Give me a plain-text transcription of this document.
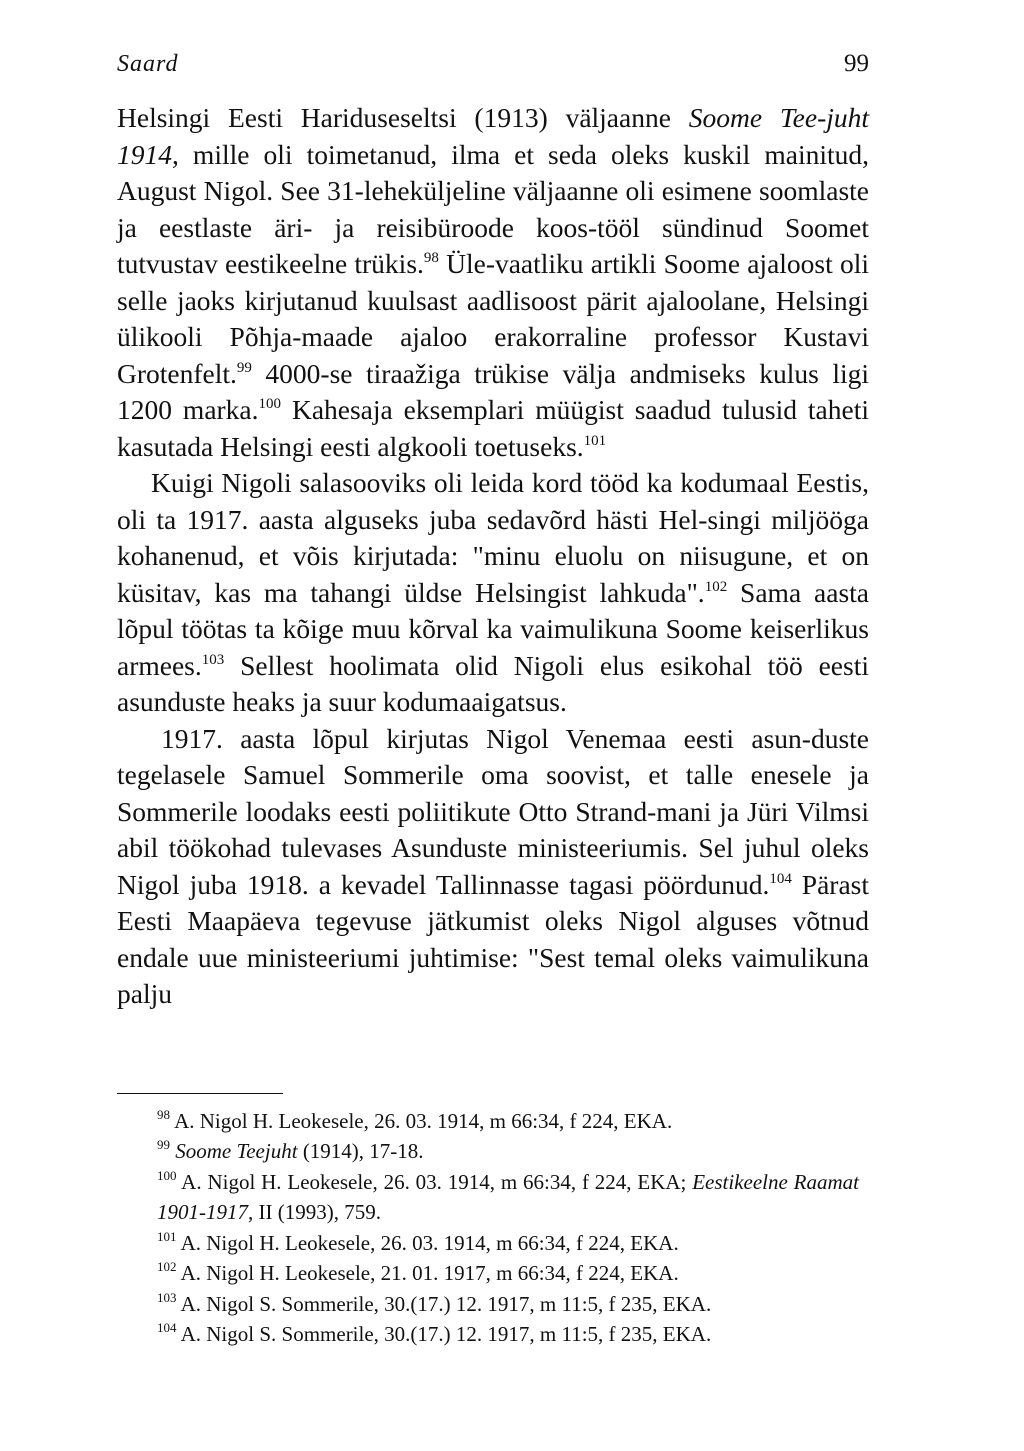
Saard	99

Helsingi Eesti Hariduseseltsi (1913) väljaanne Soome Tee-juht 1914, mille oli toimetanud, ilma et seda oleks kuskil mainitud, August Nigol. See 31-leheküljeline väljaanne oli esimene soomlaste ja eestlaste äri- ja reisibüroode koos-tööl sündinud Soomet tutvustav eestikeelne trükis.$^{98}$ Üle-vaatliku artikli Soome ajaloost oli selle jaoks kirjutanud kuulsast aadlisoost pärit ajaloolane, Helsingi ülikooli Põhja-maade ajaloo erakorraline professor Kustavi Grotenfelt.$^{99}$ 4000-se tiraažiga trükise välja andmiseks kulus ligi 1200 marka.$^{100}$ Kahesaja eksemplari müügist saadud tulusid taheti kasutada Helsingi eesti algkooli toetuseks.$^{101}$

Kuigi Nigoli salasooviks oli leida kord tööd ka kodumaal Eestis, oli ta 1917. aasta alguseks juba sedavõrd hästi Hel-singi miljööga kohanenud, et võis kirjutada: "minu eluolu on niisugune, et on küsitav, kas ma tahangi üldse Helsingist lahkuda".$^{102}$ Sama aasta lõpul töötas ta kõige muu kõrval ka vaimulikuna Soome keiserlikus armees.$^{103}$ Sellest hoolimata olid Nigoli elus esikohal töö eesti asunduste heaks ja suur kodumaaigatsus.

1917. aasta lõpul kirjutas Nigol Venemaa eesti asun-duste tegelasele Samuel Sommerile oma soovist, et talle enesele ja Sommerile loodaks eesti poliitikute Otto Strand-mani ja Jüri Vilmsi abil töökohad tulevases Asunduste ministeeriumis. Sel juhul oleks Nigol juba 1918. a kevadel Tallinnasse tagasi pöördunud.$^{104}$ Pärast Eesti Maapäeva tegevuse jätkumist oleks Nigol alguses võtnud endale uue ministeeriumi juhtimise: "Sest temal oleks vaimulikuna palju

$^{98}$ A. Nigol H. Leokesele, 26. 03. 1914, m 66:34, f 224, EKA.

$^{99}$ Soome Teejuht (1914), 17-18.

$^{100}$ A. Nigol H. Leokesele, 26. 03. 1914, m 66:34, f 224, EKA; Eestikeelne Raamat 1901-1917, II (1993), 759.

$^{101}$ A. Nigol H. Leokesele, 26. 03. 1914, m 66:34, f 224, EKA.

$^{102}$ A. Nigol H. Leokesele, 21. 01. 1917, m 66:34, f 224, EKA.

$^{103}$ A. Nigol S. Sommerile, 30.(17.) 12. 1917, m 11:5, f 235, EKA.

$^{104}$ A. Nigol S. Sommerile, 30.(17.) 12. 1917, m 11:5, f 235, EKA.
